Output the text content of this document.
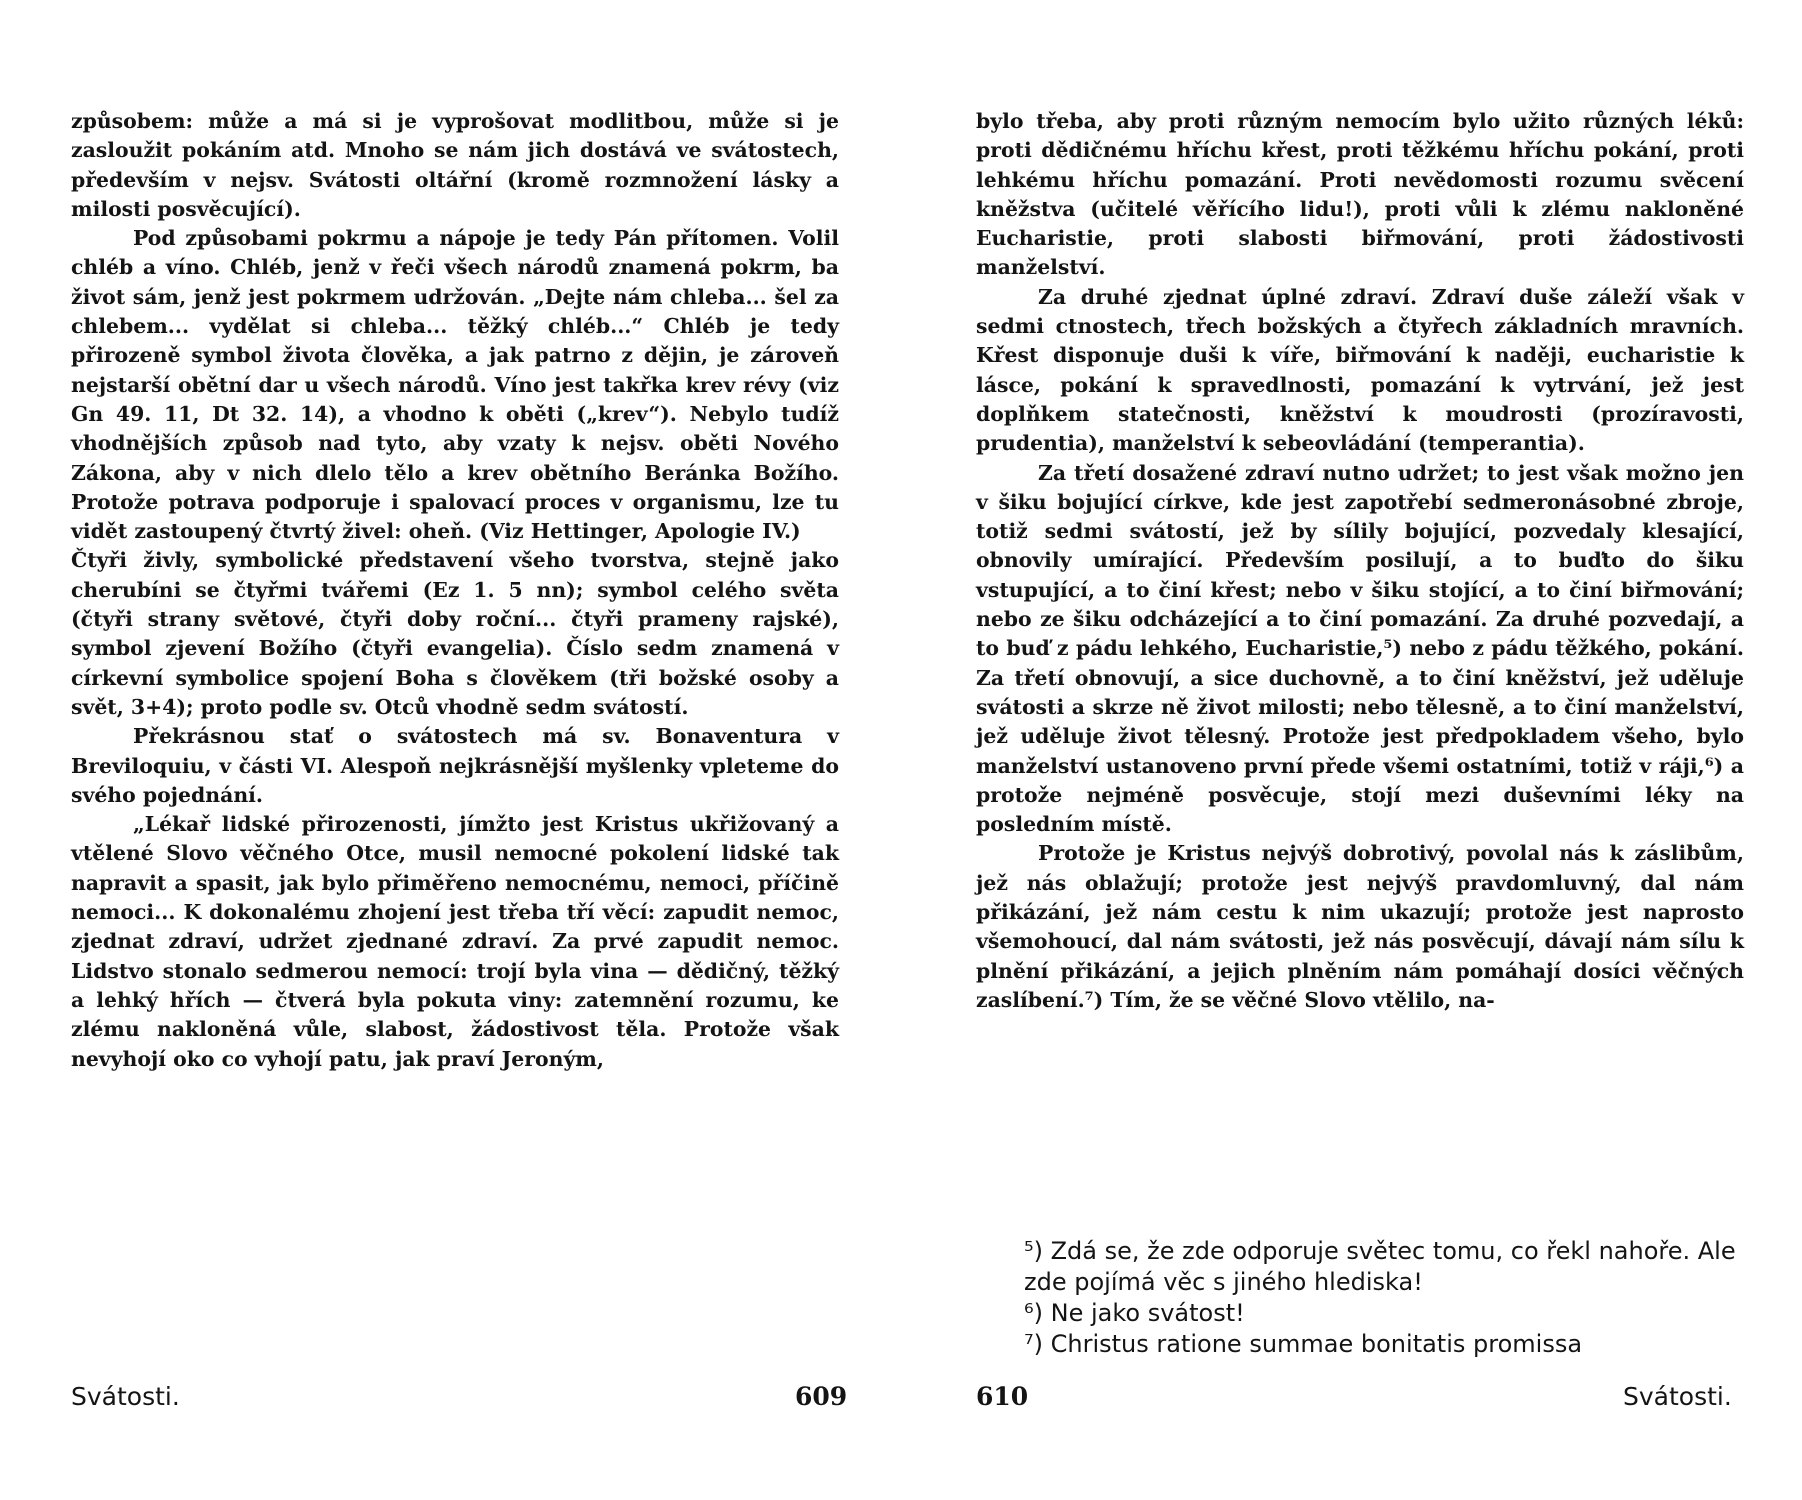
způsobem: může a má si je vyprošovat modlitbou, může si je zasloužit pokáním atd. Mnoho se nám jich dostává ve svátostech, především v nejsv. Svátosti oltářní (kromě rozmnožení lásky a milosti posvěcující).

Pod způsobami pokrmu a nápoje je tedy Pán přítomen. Volil chléb a víno. Chléb, jenž v řeči všech národů znamená pokrm, ba život sám, jenž jest pokrmem udržován. „Dejte nám chleba... šel za chlebem... vydělat si chleba... těžký chléb...“ Chléb je tedy přirozeně symbol života člověka, a jak patrno z dějin, je zároveň nejstarší obětní dar u všech národů. Víno jest takřka krev révy (viz Gn 49. 11, Dt 32. 14), a vhodno k oběti („krev“). Nebylo tudíž vhodnějších způsob nad tyto, aby vzaty k nejsv. oběti Nového Zákona, aby v nich dlelo tělo a krev obětního Beránka Božího. Protože potrava podporuje i spalovací proces v organismu, lze tu vidět zastoupený čtvrtý živel: oheň. (Viz Hettinger, Apologie IV.)

Čtyři živly, symbolické představení všeho tvorstva, stejně jako cherubíni se čtyřmi tvářemi (Ez 1. 5 nn); symbol celého světa (čtyři strany světové, čtyři doby roční... čtyři prameny rajské), symbol zjevení Božího (čtyři evangelia). Číslo sedm znamená v církevní symbolice spojení Boha s člověkem (tři božské osoby a svět, 3+4); proto podle sv. Otců vhodně sedm svátostí.

Překrásnou stať o svátostech má sv. Bonaventura v Breviloquiu, v části VI. Alespoň nejkrásnější myšlenky vpleteme do svého pojednání.

„Lékař lidské přirozenosti, jímžto jest Kristus ukřižovaný a vtělené Slovo věčného Otce, musil nemocné pokolení lidské tak napravit a spasit, jak bylo přiměřeno nemocnému, nemoci, příčině nemoci... K dokonalému zhojení jest třeba tří věcí: zapudit nemoc, zjednat zdraví, udržet zjednané zdraví. Za prvé zapudit nemoc. Lidstvo stonalo sedmerou nemocí: trojí byla vina — dědičný, těžký a lehký hřích — čtverá byla pokuta viny: zatemnění rozumu, ke zlému nakloněná vůle, slabost, žádostivost těla. Protože však nevyhojí oko co vyhojí patu, jak praví Jeroným,

Svátosti.	609

bylo třeba, aby proti různým nemocím bylo užito různých léků: proti dědičnému hříchu křest, proti těžkému hříchu pokání, proti lehkému hříchu pomazání. Proti nevědomosti rozumu svěcení kněžstva (učitelé věřícího lidu!), proti vůli k zlému nakloněné Eucharistie, proti slabosti biřmování, proti žádostivosti manželství.

Za druhé zjednat úplné zdraví. Zdraví duše záleží však v sedmi ctnostech, třech božských a čtyřech základních mravních. Křest disponuje duši k víře, biřmování k naději, eucharistie k lásce, pokání k spravedlnosti, pomazání k vytrvání, jež jest doplňkem statečnosti, kněžství k moudrosti (prozíravosti, prudentia), manželství k sebeovládání (temperantia).

Za třetí dosažené zdraví nutno udržet; to jest však možno jen v šiku bojující církve, kde jest zapotřebí sedmeronásobné zbroje, totiž sedmi svátostí, jež by sílily bojující, pozvedaly klesající, obnovily umírající. Především posilují, a to buďto do šiku vstupující, a to činí křest; nebo v šiku stojící, a to činí biřmování; nebo ze šiku odcházející a to činí pomazání. Za druhé pozvedají, a to buď z pádu lehkého, Eucharistie,⁵) nebo z pádu těžkého, pokání. Za třetí obnovují, a sice duchovně, a to činí kněžství, jež uděluje svátosti a skrze ně život milosti; nebo tělesně, a to činí manželství, jež uděluje život tělesný. Protože jest předpokladem všeho, bylo manželství ustanoveno první přede všemi ostatními, totiž v ráji,⁶) a protože nejméně posvěcuje, stojí mezi duševními léky na posledním místě.

Protože je Kristus nejvýš dobrotivý, povolal nás k záslibům, jež nás oblažují; protože jest nejvýš pravdomluvný, dal nám přikázání, jež nám cestu k nim ukazují; protože jest naprosto všemohoucí, dal nám svátosti, jež nás posvěcují, dávají nám sílu k plnění přikázání, a jejich plněním nám pomáhají dosíci věčných zaslíbení.⁷) Tím, že se věčné Slovo vtělilo, na-

⁵) Zdá se, že zde odporuje světec tomu, co řekl nahoře. Ale zde pojímá věc s jiného hlediska!

⁶) Ne jako svátost!

⁷) Christus ratione summae bonitatis promissa

610	Svátosti.
